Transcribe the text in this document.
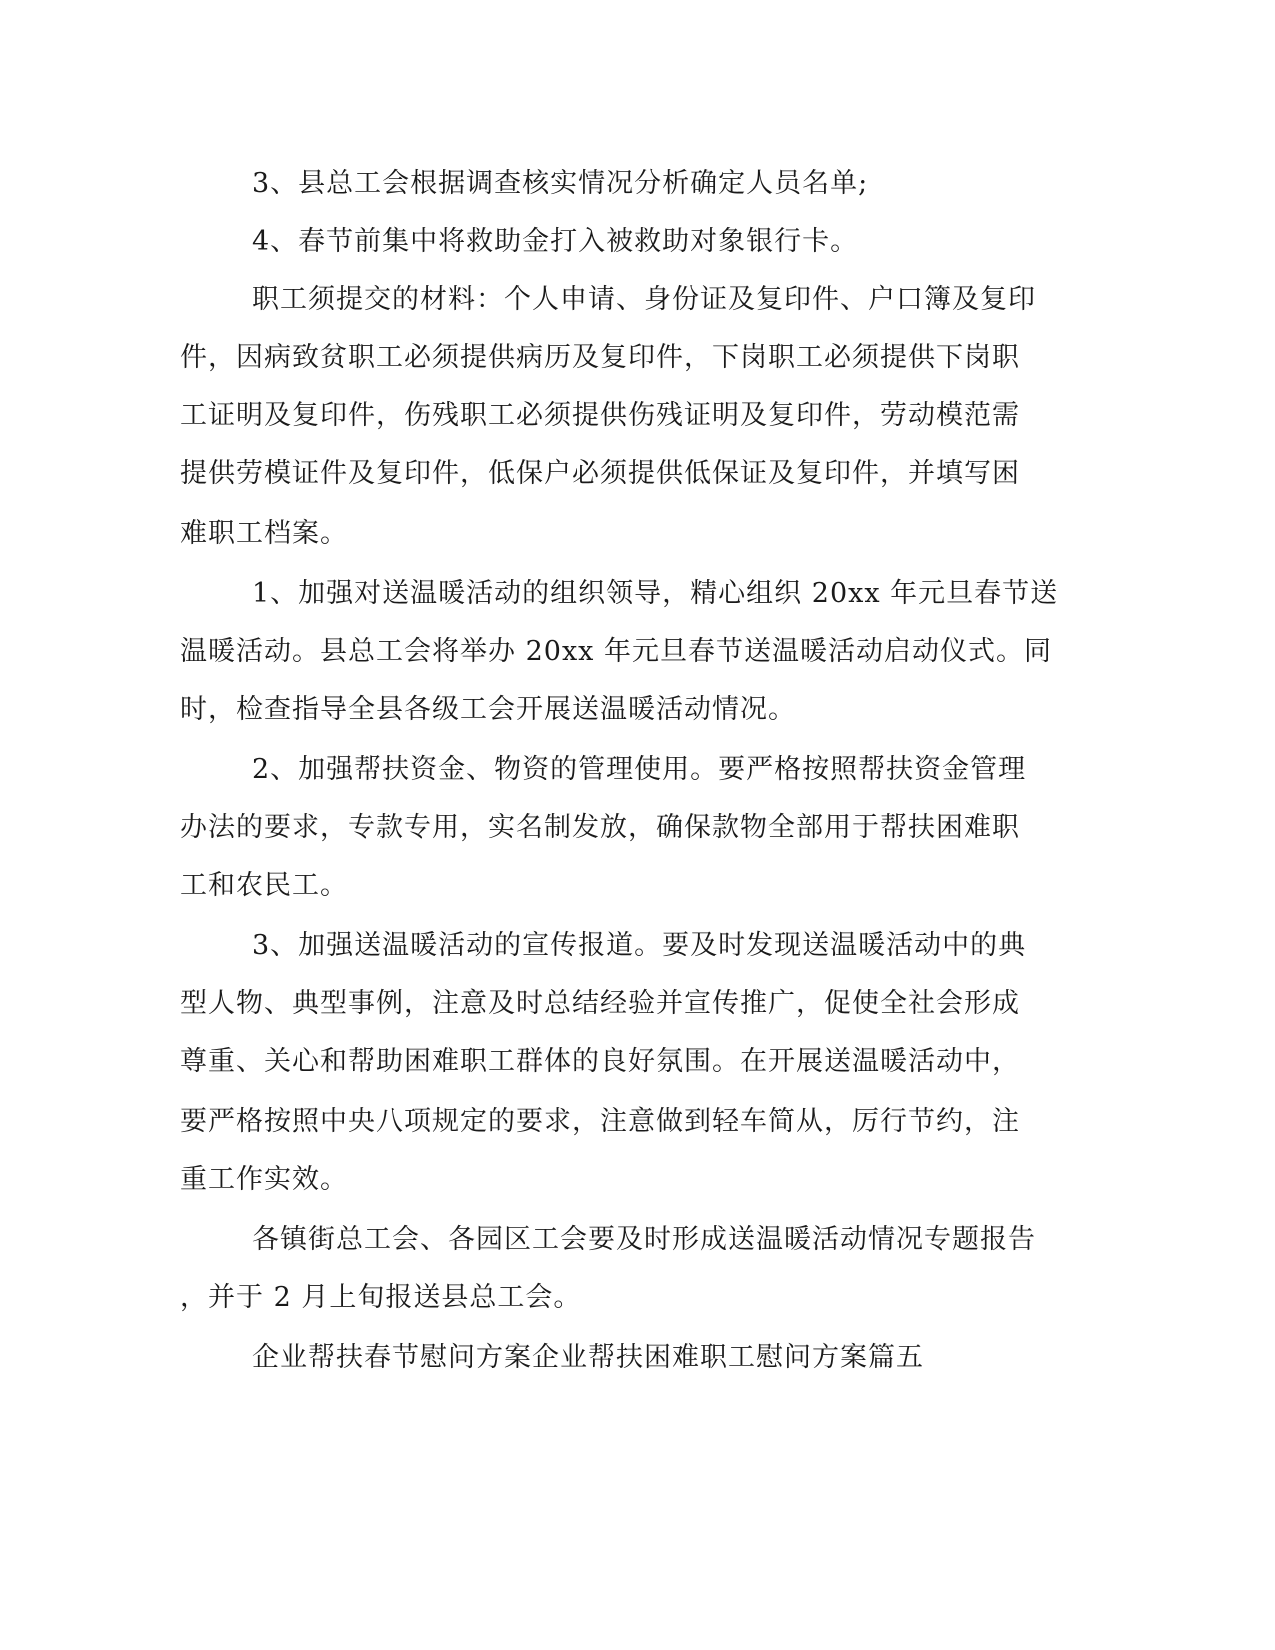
3、县总工会根据调查核实情况分析确定人员名单;
4、春节前集中将救助金打入被救助对象银行卡。
职工须提交的材料：个人申请、身份证及复印件、户口簿及复印
件，因病致贫职工必须提供病历及复印件，下岗职工必须提供下岗职
工证明及复印件，伤残职工必须提供伤残证明及复印件，劳动模范需
提供劳模证件及复印件，低保户必须提供低保证及复印件，并填写困
难职工档案。
1、加强对送温暖活动的组织领导，精心组织 20xx 年元旦春节送
温暖活动。县总工会将举办 20xx 年元旦春节送温暖活动启动仪式。同
时，检查指导全县各级工会开展送温暖活动情况。
2、加强帮扶资金、物资的管理使用。要严格按照帮扶资金管理
办法的要求，专款专用，实名制发放，确保款物全部用于帮扶困难职
工和农民工。
3、加强送温暖活动的宣传报道。要及时发现送温暖活动中的典
型人物、典型事例，注意及时总结经验并宣传推广，促使全社会形成
尊重、关心和帮助困难职工群体的良好氛围。在开展送温暖活动中，
要严格按照中央八项规定的要求，注意做到轻车简从，厉行节约，注
重工作实效。
各镇街总工会、各园区工会要及时形成送温暖活动情况专题报告
，并于 2 月上旬报送县总工会。
企业帮扶春节慰问方案企业帮扶困难职工慰问方案篇五
